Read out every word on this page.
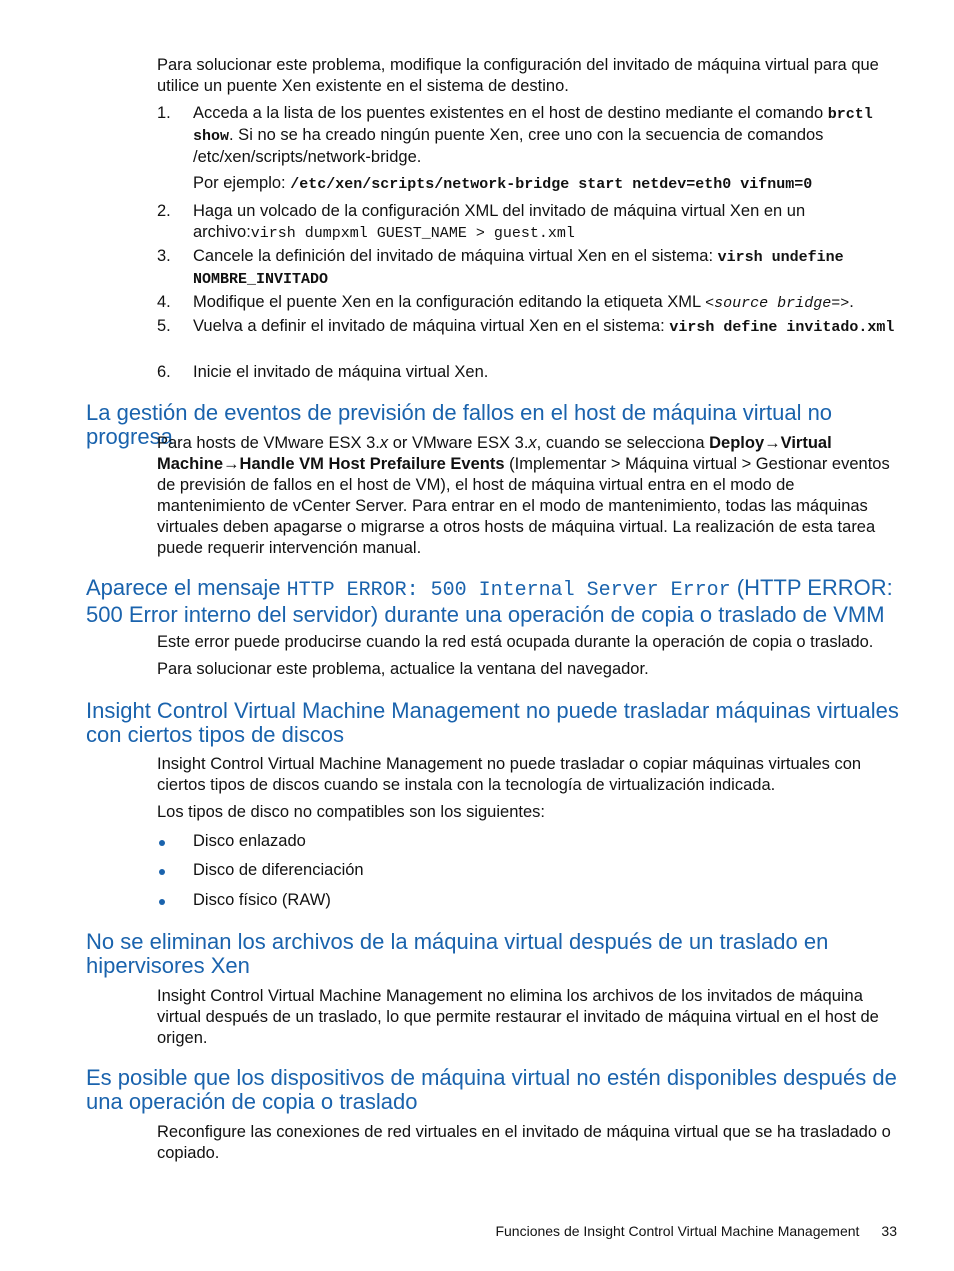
Para solucionar este problema, modifique la configuración del invitado de máquina virtual para que utilice un puente Xen existente en el sistema de destino.

1.	Acceda a la lista de los puentes existentes en el host de destino mediante el comando brctl show. Si no se ha creado ningún puente Xen, cree uno con la secuencia de comandos /etc/xen/scripts/network-bridge.
Por ejemplo: /etc/xen/scripts/network-bridge start netdev=eth0 vifnum=0
2.	Haga un volcado de la configuración XML del invitado de máquina virtual Xen en un archivo:virsh dumpxml GUEST_NAME > guest.xml
3.	Cancele la definición del invitado de máquina virtual Xen en el sistema: virsh undefine NOMBRE_INVITADO
4.	Modifique el puente Xen en la configuración editando la etiqueta XML <source bridge=>.
5.	Vuelva a definir el invitado de máquina virtual Xen en el sistema: virsh define invitado.xml
6.	Inicie el invitado de máquina virtual Xen.
La gestión de eventos de previsión de fallos en el host de máquina virtual no progresa

Para hosts de VMware ESX 3.x or VMware ESX 3.x, cuando se selecciona Deploy→Virtual Machine→Handle VM Host Prefailure Events (Implementar > Máquina virtual > Gestionar eventos de previsión de fallos en el host de VM), el host de máquina virtual entra en el modo de mantenimiento de vCenter Server. Para entrar en el modo de mantenimiento, todas las máquinas virtuales deben apagarse o migrarse a otros hosts de máquina virtual. La realización de esta tarea puede requerir intervención manual.

Aparece el mensaje HTTP ERROR: 500 Internal Server Error (HTTP ERROR: 500 Error interno del servidor) durante una operación de copia o traslado de VMM

Este error puede producirse cuando la red está ocupada durante la operación de copia o traslado.

Para solucionar este problema, actualice la ventana del navegador.

Insight Control Virtual Machine Management no puede trasladar máquinas virtuales con ciertos tipos de discos

Insight Control Virtual Machine Management no puede trasladar o copiar máquinas virtuales con ciertos tipos de discos cuando se instala con la tecnología de virtualización indicada.

Los tipos de disco no compatibles son los siguientes:

Disco enlazado
Disco de diferenciación
Disco físico (RAW)
No se eliminan los archivos de la máquina virtual después de un traslado en hipervisores Xen

Insight Control Virtual Machine Management no elimina los archivos de los invitados de máquina virtual después de un traslado, lo que permite restaurar el invitado de máquina virtual en el host de origen.

Es posible que los dispositivos de máquina virtual no estén disponibles después de una operación de copia o traslado

Reconfigure las conexiones de red virtuales en el invitado de máquina virtual que se ha trasladado o copiado.

Funciones de Insight Control Virtual Machine Management 33
